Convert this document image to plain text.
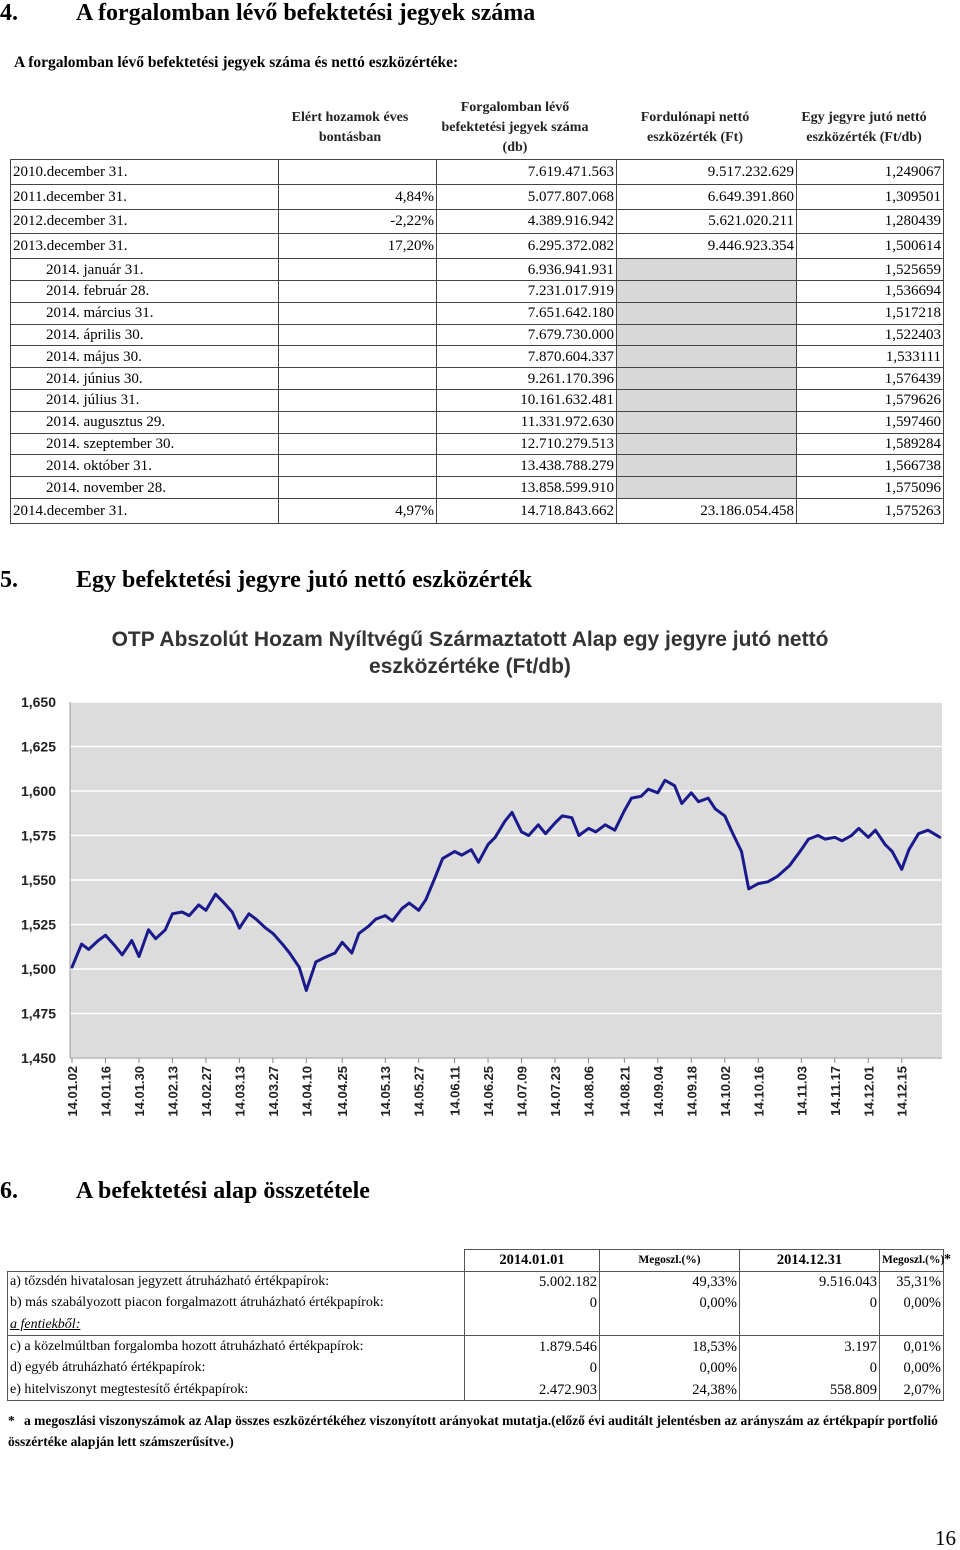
4. A forgalomban lévő befektetési jegyek száma
A forgalomban lévő befektetési jegyek száma és nettó eszközértéke:
Elért hozamok éves
bontásban
Forgalomban lévő
befektetési jegyek száma
(db)
Fordulónapi nettó
eszközérték (Ft)
Egy jegyre jutó nettó
eszközérték (Ft/db)
2010.december 31.		7.619.471.563	9.517.232.629	1,249067
2011.december 31.	4,84%	5.077.807.068	6.649.391.860	1,309501
2012.december 31.	-2,22%	4.389.916.942	5.621.020.211	1,280439
2013.december 31.	17,20%	6.295.372.082	9.446.923.354	1,500614
2014. január 31.		6.936.941.931		1,525659
2014. február 28.		7.231.017.919		1,536694
2014. március 31.		7.651.642.180		1,517218
2014. április 30.		7.679.730.000		1,522403
2014. május 30.		7.870.604.337		1,533111
2014. június 30.		9.261.170.396		1,576439
2014. július 31.		10.161.632.481		1,579626
2014. augusztus 29.		11.331.972.630		1,597460
2014. szeptember 30.		12.710.279.513		1,589284
2014. október 31.		13.438.788.279		1,566738
2014. november 28.		13.858.599.910		1,575096
2014.december 31.	4,97%	14.718.843.662	23.186.054.458	1,575263
5. Egy befektetési jegyre jutó nettó eszközérték
OTP Abszolút Hozam Nyíltvégű Származtatott Alap egy jegyre jutó nettó eszközértéke (Ft/db)
1,650
1,625
1,600
1,575
1,550
1,525
1,500
1,475
1,450
14.01.02 14.01.16 14.01.30 14.02.13 14.02.27 14.03.13 14.03.27 14.04.10 14.04.25 14.05.13 14.05.27 14.06.11 14.06.25 14.07.09 14.07.23 14.08.06 14.08.21 14.09.04 14.09.18 14.10.02 14.10.16 14.11.03 14.11.17 14.12.01 14.12.15
6. A befektetési alap összetétele
	2014.01.01	Megoszl.(%)	2014.12.31	Megoszl.(%)
a) tőzsdén hivatalosan jegyzett átruházható értékpapírok:	5.002.182	49,33%	9.516.043	35,31%
b) más szabályozott piacon forgalmazott átruházható értékpapírok:	0	0,00%	0	0,00%
a fentiekből:				
c) a közelmúltban forgalomba hozott átruházható értékpapírok:	1.879.546	18,53%	3.197	0,01%
d) egyéb átruházható értékpapírok:	0	0,00%	0	0,00%
e) hitelviszonyt megtestesítő értékpapírok:	2.472.903	24,38%	558.809	2,07%
*
* a megoszlási viszonyszámok az Alap összes eszközértékéhez viszonyított arányokat mutatja.(előző évi auditált jelentésben az arányszám az értékpapír portfolió összértéke alapján lett számszerűsítve.)
16
